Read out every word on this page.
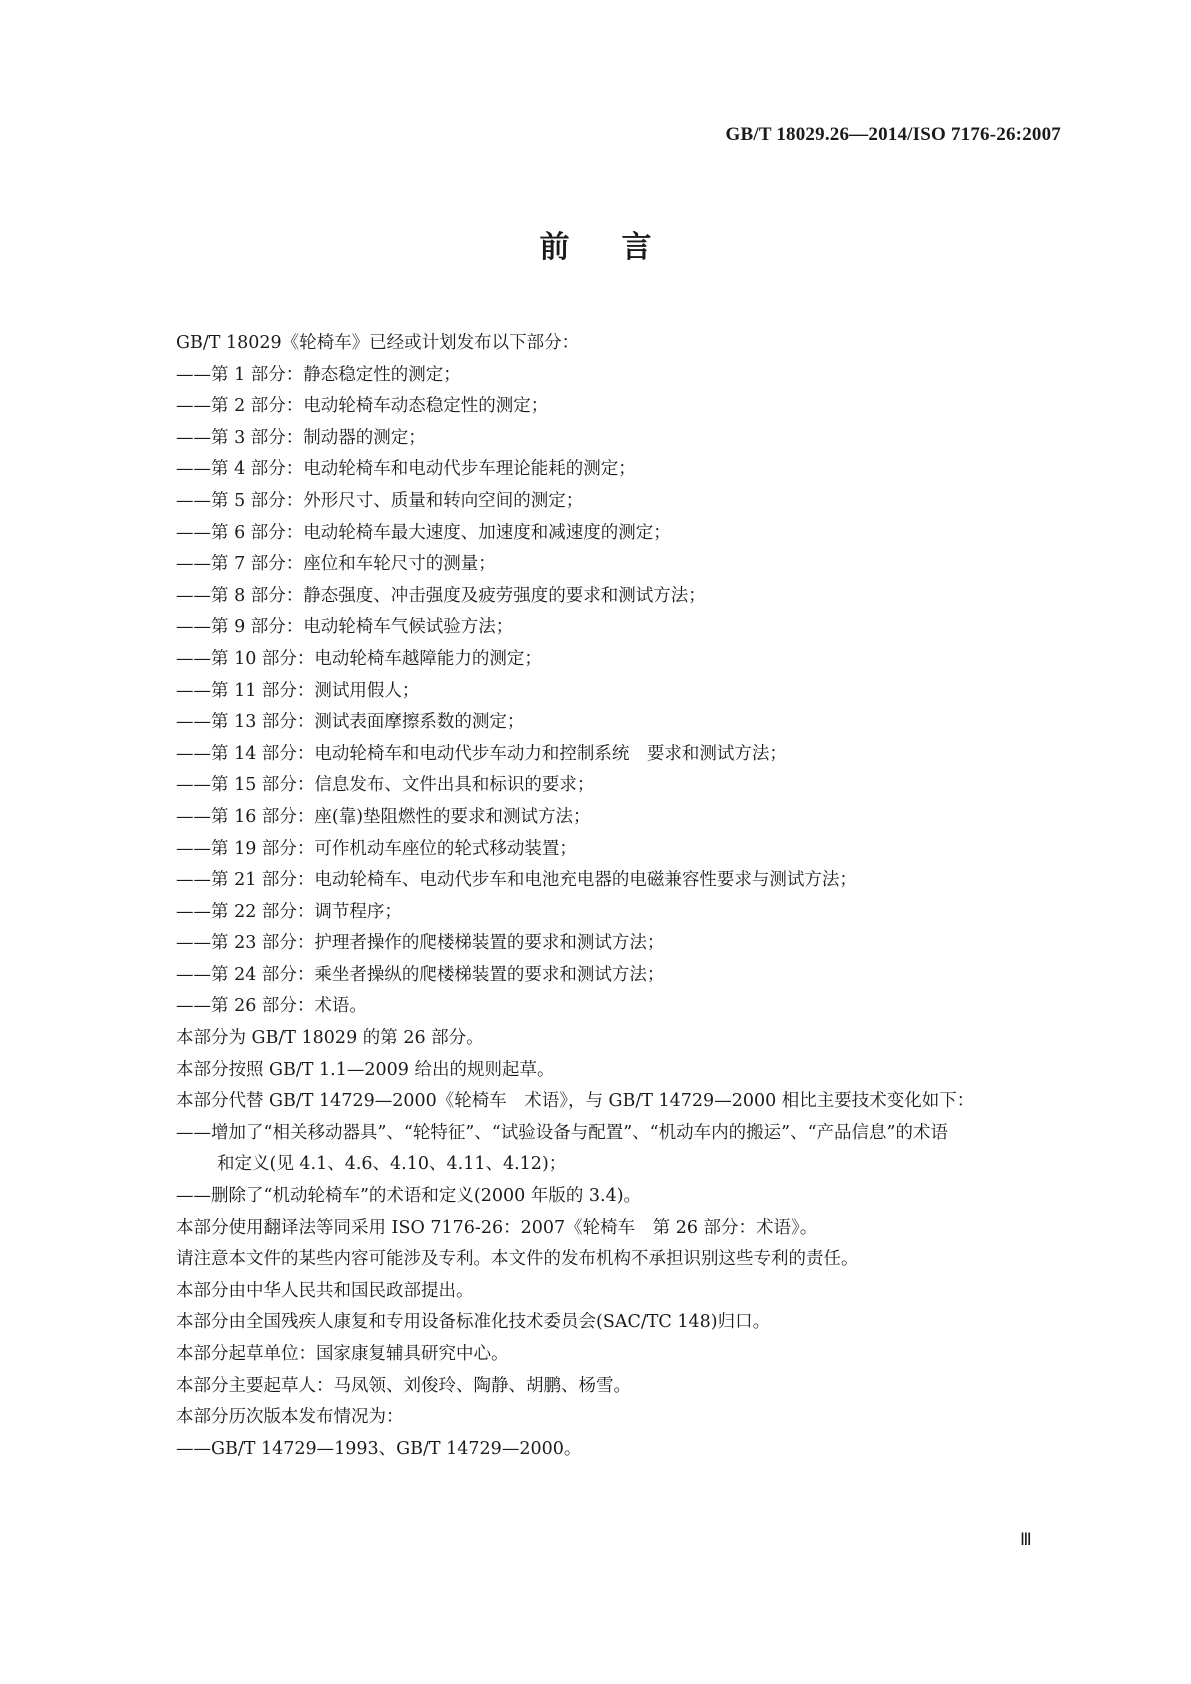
GB/T 18029.26—2014/ISO 7176-26:2007
前 言
GB/T 18029《轮椅车》已经或计划发布以下部分：
——第 1 部分：静态稳定性的测定；
——第 2 部分：电动轮椅车动态稳定性的测定；
——第 3 部分：制动器的测定；
——第 4 部分：电动轮椅车和电动代步车理论能耗的测定；
——第 5 部分：外形尺寸、质量和转向空间的测定；
——第 6 部分：电动轮椅车最大速度、加速度和减速度的测定；
——第 7 部分：座位和车轮尺寸的测量；
——第 8 部分：静态强度、冲击强度及疲劳强度的要求和测试方法；
——第 9 部分：电动轮椅车气候试验方法；
——第 10 部分：电动轮椅车越障能力的测定；
——第 11 部分：测试用假人；
——第 13 部分：测试表面摩擦系数的测定；
——第 14 部分：电动轮椅车和电动代步车动力和控制系统　要求和测试方法；
——第 15 部分：信息发布、文件出具和标识的要求；
——第 16 部分：座(靠)垫阻燃性的要求和测试方法；
——第 19 部分：可作机动车座位的轮式移动装置；
——第 21 部分：电动轮椅车、电动代步车和电池充电器的电磁兼容性要求与测试方法；
——第 22 部分：调节程序；
——第 23 部分：护理者操作的爬楼梯装置的要求和测试方法；
——第 24 部分：乘坐者操纵的爬楼梯装置的要求和测试方法；
——第 26 部分：术语。
本部分为 GB/T 18029 的第 26 部分。
本部分按照 GB/T 1.1—2009 给出的规则起草。
本部分代替 GB/T 14729—2000《轮椅车　术语》，与 GB/T 14729—2000 相比主要技术变化如下：
——增加了“相关移动器具”、“轮特征”、“试验设备与配置”、“机动车内的搬运”、“产品信息”的术语
和定义(见 4.1、4.6、4.10、4.11、4.12)；
——删除了“机动轮椅车”的术语和定义(2000 年版的 3.4)。
本部分使用翻译法等同采用 ISO 7176-26：2007《轮椅车　第 26 部分：术语》。
请注意本文件的某些内容可能涉及专利。本文件的发布机构不承担识别这些专利的责任。
本部分由中华人民共和国民政部提出。
本部分由全国残疾人康复和专用设备标准化技术委员会(SAC/TC 148)归口。
本部分起草单位：国家康复辅具研究中心。
本部分主要起草人：马凤领、刘俊玲、陶静、胡鹏、杨雪。
本部分历次版本发布情况为：
——GB/T 14729—1993、GB/T 14729—2000。
Ⅲ
